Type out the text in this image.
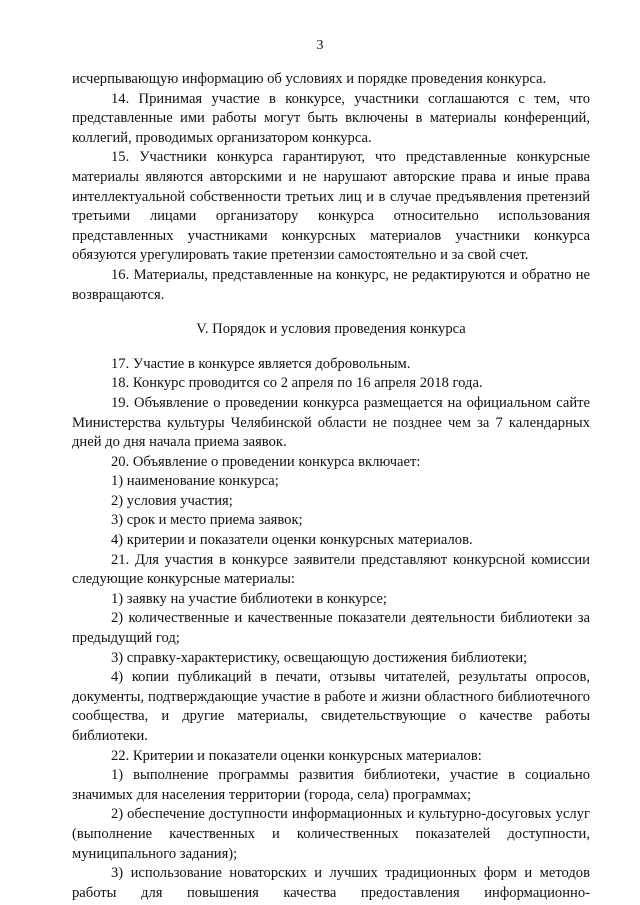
3

исчерпывающую информацию об условиях и порядке проведения конкурса.

14. Принимая участие в конкурсе, участники соглашаются с тем, что представленные ими работы могут быть включены в материалы конференций, коллегий, проводимых организатором конкурса.

15. Участники конкурса гарантируют, что представленные конкурсные материалы являются авторскими и не нарушают авторские права и иные права интеллектуальной собственности третьих лиц и в случае предъявления претензий третьими лицами организатору конкурса относительно использования представленных участниками конкурсных материалов участники конкурса обязуются урегулировать такие претензии самостоятельно и за свой счет.

16. Материалы, представленные на конкурс, не редактируются и обратно не возвращаются.

V. Порядок и условия проведения конкурса

17. Участие в конкурсе является добровольным.

18. Конкурс проводится со 2 апреля по 16 апреля 2018 года.

19. Объявление о проведении конкурса размещается на официальном сайте Министерства культуры Челябинской области не позднее чем за 7 календарных дней до дня начала приема заявок.

20. Объявление о проведении конкурса включает:

1) наименование конкурса;

2) условия участия;

3) срок и место приема заявок;

4) критерии и показатели оценки конкурсных материалов.

21. Для участия в конкурсе заявители представляют конкурсной комиссии следующие конкурсные материалы:

1) заявку на участие библиотеки в конкурсе;

2) количественные и качественные показатели деятельности библиотеки за предыдущий год;

3) справку-характеристику, освещающую достижения библиотеки;

4) копии публикаций в печати, отзывы читателей, результаты опросов, документы, подтверждающие участие в работе и жизни областного библиотечного сообщества, и другие материалы, свидетельствующие о качестве работы библиотеки.

22. Критерии и показатели оценки конкурсных материалов:

1) выполнение программы развития библиотеки, участие в социально значимых для населения территории (города, села) программах;

2) обеспечение доступности информационных и культурно-досуговых услуг (выполнение качественных и количественных показателей доступности, муниципального задания);

3) использование новаторских и лучших традиционных форм и методов работы для повышения качества предоставления информационно-
